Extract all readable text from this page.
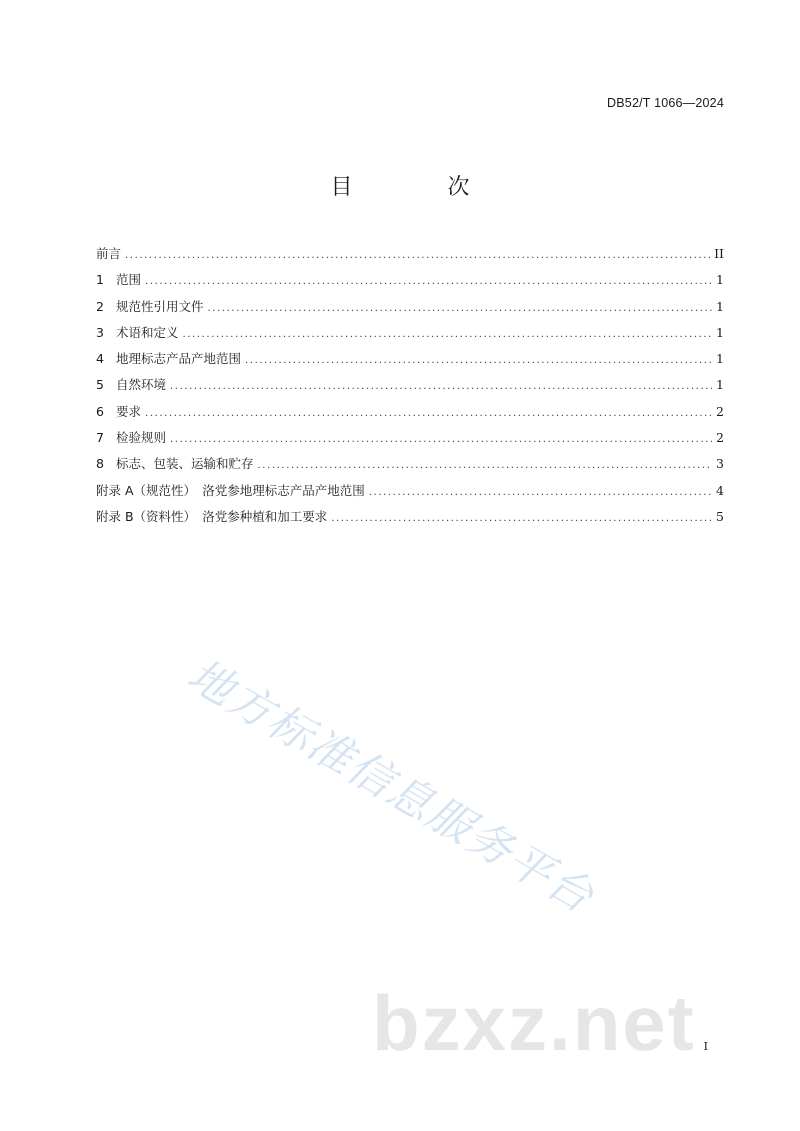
DB52/T 1066—2024
目 次
前言 .....	II
1 范围 .....	1
2 规范性引用文件 .....	1
3 术语和定义 .....	1
4 地理标志产品产地范围 .....	1
5 自然环境 .....	1
6 要求 .....	2
7 检验规则 .....	2
8 标志、包装、运输和贮存 .....	3
附录 A（规范性）　洛党参地理标志产品产地范围 .....	4
附录 B（资料性）　洛党参种植和加工要求 .....	5
地方标准信息服务平台
bzxz.net I
